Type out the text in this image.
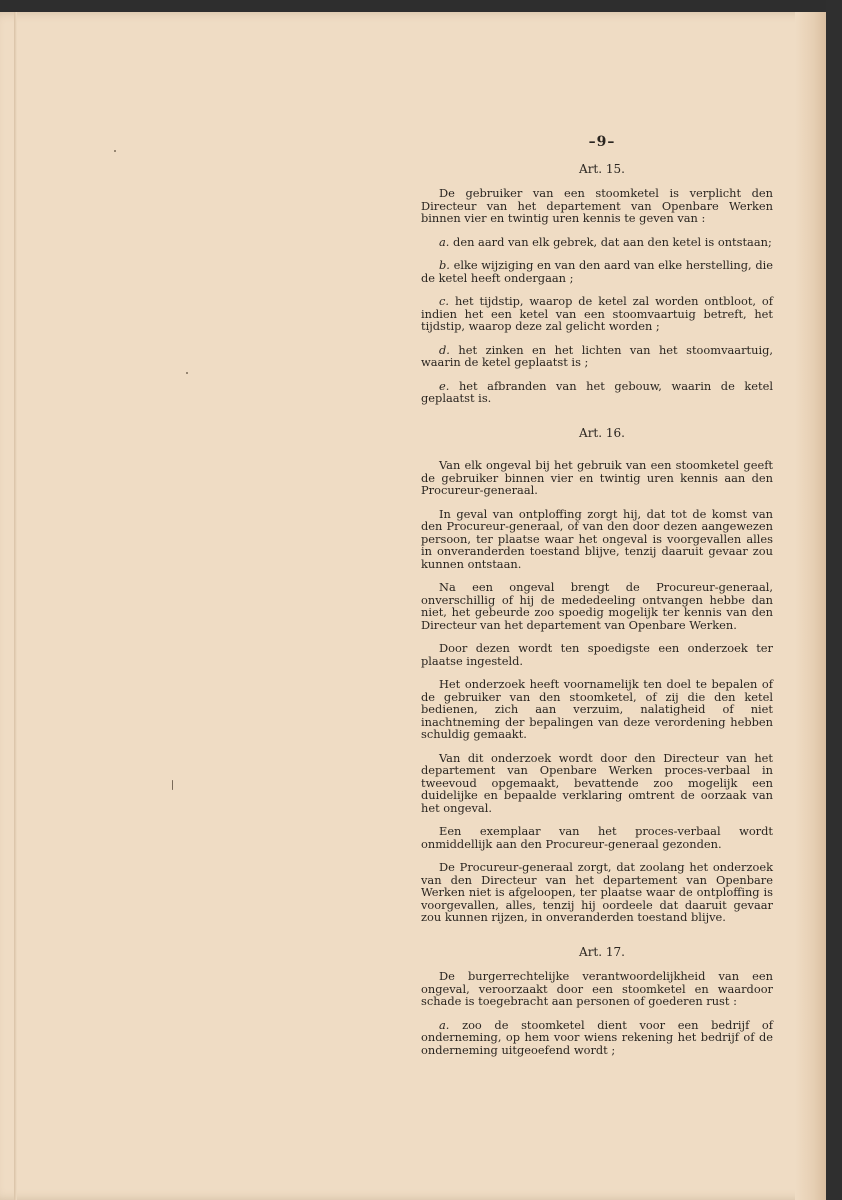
–9–
Art. 15.
De gebruiker van een stoomketel is verplicht den Directeur van het departement van Openbare Werken binnen vier en twintig uren kennis te geven van :
a. den aard van elk gebrek, dat aan den ketel is ontstaan;
b. elke wijziging en van den aard van elke herstelling, die de ketel heeft ondergaan ;
c. het tijdstip, waarop de ketel zal worden ontbloot, of indien het een ketel van een stoomvaartuig betreft, het tijdstip, waarop deze zal gelicht worden ;
d. het zinken en het lichten van het stoomvaartuig, waarin de ketel geplaatst is ;
e. het afbranden van het gebouw, waarin de ketel geplaatst is.
Art. 16.
Van elk ongeval bij het gebruik van een stoomketel geeft de gebruiker binnen vier en twintig uren kennis aan den Procureur-generaal.
In geval van ontploffing zorgt hij, dat tot de komst van den Procureur-generaal, of van den door dezen aangewezen persoon, ter plaatse waar het ongeval is voorgevallen alles in onveranderden toestand blijve, tenzij daaruit gevaar zou kunnen ontstaan.
Na een ongeval brengt de Procureur-generaal, onverschillig of hij de mededeeling ontvangen hebbe dan niet, het gebeurde zoo spoedig mogelijk ter kennis van den Directeur van het departement van Openbare Werken.
Door dezen wordt ten spoedigste een onderzoek ter plaatse ingesteld.
Het onderzoek heeft voornamelijk ten doel te bepalen of de gebruiker van den stoomketel, of zij die den ketel bedienen, zich aan verzuim, nalatigheid of niet inachtneming der bepalingen van deze verordening hebben schuldig gemaakt.
Van dit onderzoek wordt door den Directeur van het departement van Openbare Werken proces-verbaal in tweevoud opgemaakt, bevattende zoo mogelijk een duidelijke en bepaalde verklaring omtrent de oorzaak van het ongeval.
Een exemplaar van het proces-verbaal wordt onmiddellijk aan den Procureur-generaal gezonden.
De Procureur-generaal zorgt, dat zoolang het onderzoek van den Directeur van het departement van Openbare Werken niet is afgeloopen, ter plaatse waar de ontploffing is voorgevallen, alles, tenzij hij oordeele dat daaruit gevaar zou kunnen rijzen, in onveranderden toestand blijve.
Art. 17.
De burgerrechtelijke verantwoordelijkheid van een ongeval, veroorzaakt door een stoomketel en waardoor schade is toegebracht aan personen of goederen rust :
a. zoo de stoomketel dient voor een bedrijf of onderneming, op hem voor wiens rekening het bedrijf of de onderneming uitgeoefend wordt ;
